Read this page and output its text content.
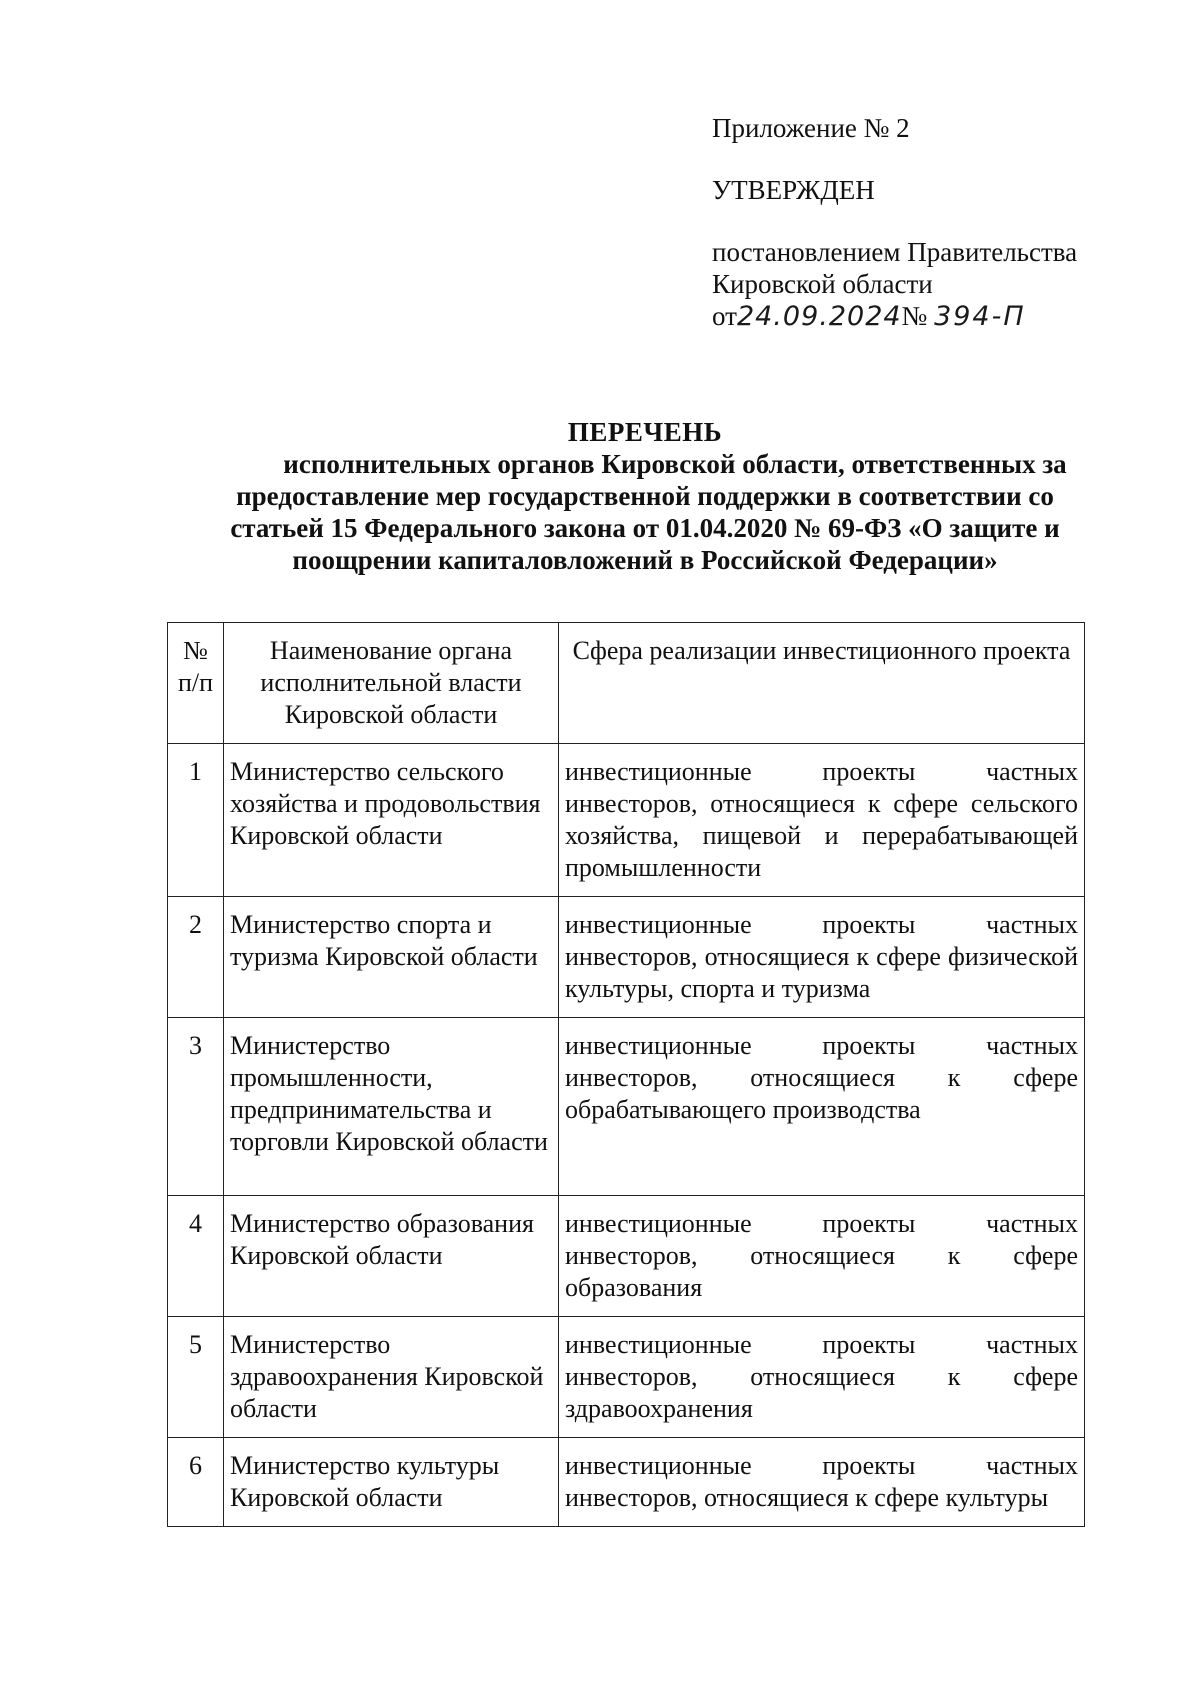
Приложение № 2
УТВЕРЖДЕН
постановлением Правительства
Кировской области
от24.09.2024№ 394-П
ПЕРЕЧЕНЬ
исполнительных органов Кировской области, ответственных за
предоставление мер государственной поддержки в соответствии со
статьей 15 Федерального закона от 01.04.2020 № 69-ФЗ «О защите и
поощрении капиталовложений в Российской Федерации»
№ п/п	Наименование органа исполнительной власти Кировской области	Сфера реализации инвестиционного проекта
1	Министерство сельского хозяйства и продовольствия Кировской области	инвестиционные проекты частных инвесторов, относящиеся к сфере сельского хозяйства, пищевой и перерабатывающей промышленности
2	Министерство спорта и туризма Кировской области	инвестиционные проекты частных инвесторов, относящиеся к сфере физической культуры, спорта и туризма
3	Министерство промышленности, предпринимательства и торговли Кировской области	инвестиционные проекты частных инвесторов, относящиеся к сфере обрабатывающего производства
4	Министерство образования Кировской области	инвестиционные проекты частных инвесторов, относящиеся к сфере образования
5	Министерство здравоохранения Кировской области	инвестиционные проекты частных инвесторов, относящиеся к сфере здравоохранения
6	Министерство культуры Кировской области	инвестиционные проекты частных инвесторов, относящиеся к сфере культуры
